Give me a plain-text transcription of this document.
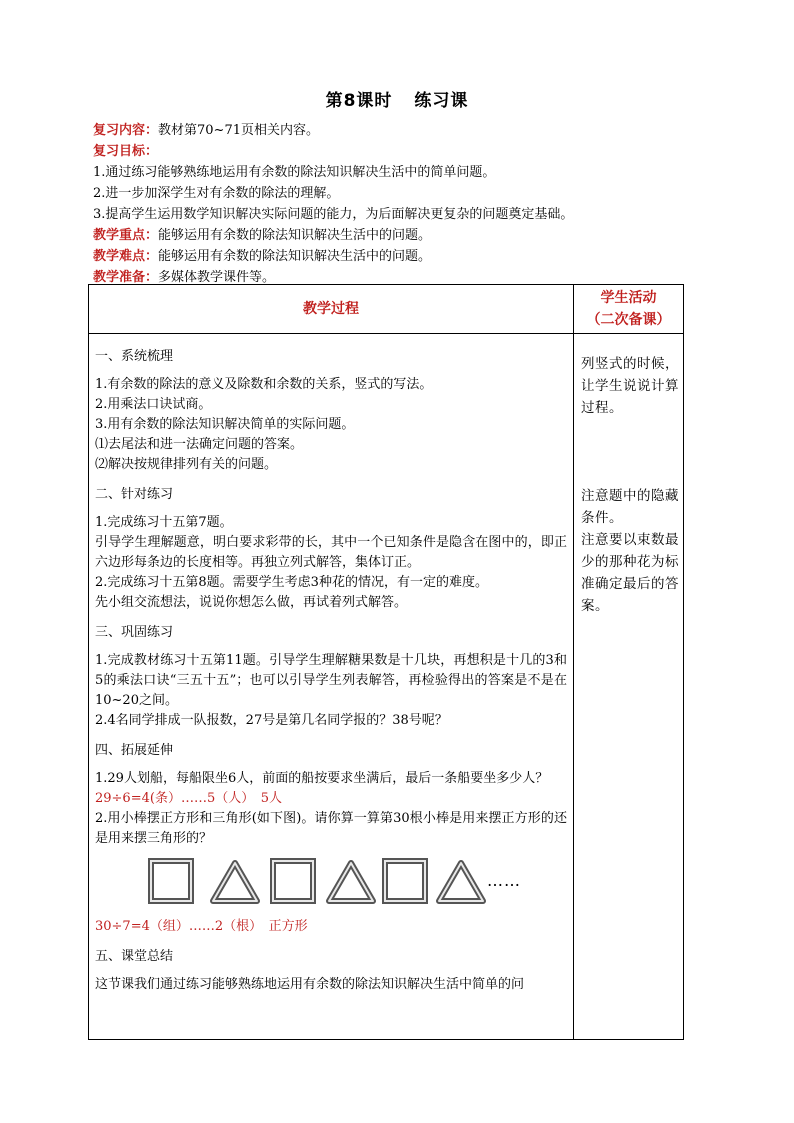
第8课时 练习课
复习内容：教材第70~71页相关内容。
复习目标：
1.通过练习能够熟练地运用有余数的除法知识解决生活中的简单问题。
2.进一步加深学生对有余数的除法的理解。
3.提高学生运用数学知识解决实际问题的能力，为后面解决更复杂的问题奠定基础。
教学重点：能够运用有余数的除法知识解决生活中的问题。
教学难点：能够运用有余数的除法知识解决生活中的问题。
教学准备：多媒体教学课件等。
教学过程
学生活动
（二次备课）
一、系统梳理
1.有余数的除法的意义及除数和余数的关系，竖式的写法。
2.用乘法口诀试商。
3.用有余数的除法知识解决简单的实际问题。
⑴去尾法和进一法确定问题的答案。
⑵解决按规律排列有关的问题。
二、针对练习
1.完成练习十五第7题。
引导学生理解题意，明白要求彩带的长，其中一个已知条件是隐含在图中的，即正六边形每条边的长度相等。再独立列式解答，集体订正。
2.完成练习十五第8题。需要学生考虑3种花的情况，有一定的难度。
先小组交流想法，说说你想怎么做，再试着列式解答。
三、巩固练习
1.完成教材练习十五第11题。引导学生理解糖果数是十几块，再想积是十几的3和5的乘法口诀“三五十五”；也可以引导学生列表解答，再检验得出的答案是不是在10~20之间。
2.4名同学排成一队报数，27号是第几名同学报的？38号呢？
四、拓展延伸
1.29人划船，每船限坐6人，前面的船按要求坐满后，最后一条船要坐多少人？
29÷6=4(条）……5（人）　5人
2.用小棒摆正方形和三角形(如下图)。请你算一算第30根小棒是用来摆正方形的还是用来摆三角形的？
……
30÷7=4（组）……2（根）　正方形
五、课堂总结
这节课我们通过练习能够熟练地运用有余数的除法知识解决生活中简单的问
列竖式的时候，让学生说说计算过程。
注意题中的隐藏条件。
注意要以束数最少的那种花为标准确定最后的答案。
